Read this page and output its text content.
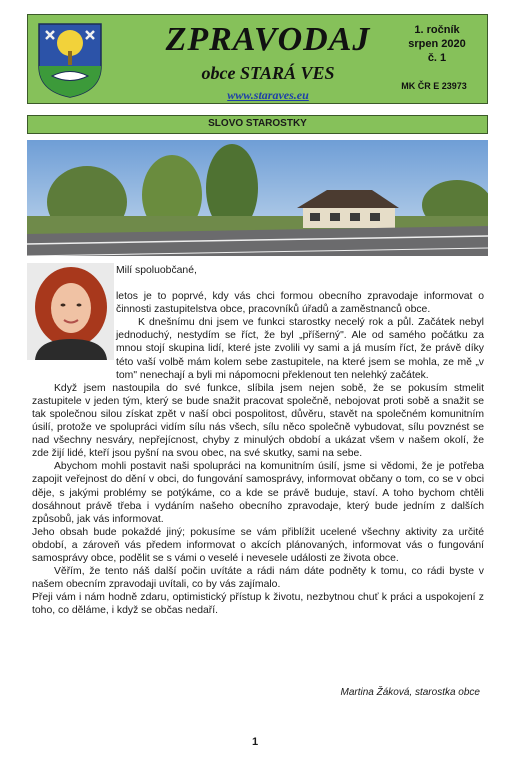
ZPRAVODAJ
obce STARÁ VES
www.staraves.eu
1. ročník
srpen 2020
č. 1
MK ČR E 23973
SLOVO STAROSTKY

Milí spoluobčané,

letos je to poprvé, kdy vás chci formou obecního zpravodaje informovat o činnosti zastupitelstva obce, pracovníků úřadů a zaměstnanců obce.

K dnešnímu dni jsem ve funkci starostky necelý rok a půl. Začátek nebyl jednoduchý, nestydím se říct, že byl „příšerný". Ale od samého počátku za mnou stojí skupina lidí, které jste zvolili vy sami a já musím říct, že právě díky této vaší volbě mám kolem sebe zastupitele, na které jsem se mohla, ze mě „v tom" nenechají a byli mi nápomocni překlenout ten nelehký začátek.

Když jsem nastoupila do své funkce, slíbila jsem nejen sobě, že se pokusím stmelit zastupitele v jeden tým, který se bude snažit pracovat společně, nebojovat proti sobě a snažit se tak společnou silou získat zpět v naší obci pospolitost, důvěru, stavět na společném komunitním úsilí, protože ve spolupráci vidím sílu nás všech, sílu něco společně vybudovat, sílu povznést se nad všechny nesváry, nepřejícnost, chyby z minulých období a ukázat všem v našem okolí, že zde žijí lidé, kteří jsou pyšní na svou obec, na své skutky, sami na sebe.

Abychom mohli postavit naši spolupráci na komunitním úsilí, jsme si vědomi, že je potřeba zapojit veřejnost do dění v obci, do fungování samosprávy, informovat občany o tom, co se v obci děje, s jakými problémy se potýkáme, co a kde se právě buduje, staví. A toho bychom chtěli dosáhnout právě třeba i vydáním našeho obecního zpravodaje, který bude jedním z dalších způsobů, jak vás informovat.

Jeho obsah bude pokaždé jiný; pokusíme se vám přiblížit ucelené všechny aktivity za určité období, a zároveň vás předem informovat o akcích plánovaných, informovat vás o fungování samosprávy obce, podělit se s vámi o veselé i nevesele události ze života obce.

Věřím, že tento náš další počin uvítáte a rádi nám dáte podněty k tomu, co rádi byste v našem obecním zpravodaji uvítali, co by vás zajímalo.

Přeji vám i nám hodně zdaru, optimistický přístup k životu, nezbytnou chuť k práci a uspokojení z toho, co děláme, i když se občas nedaří.

Martina Žáková, starostka obce
1
